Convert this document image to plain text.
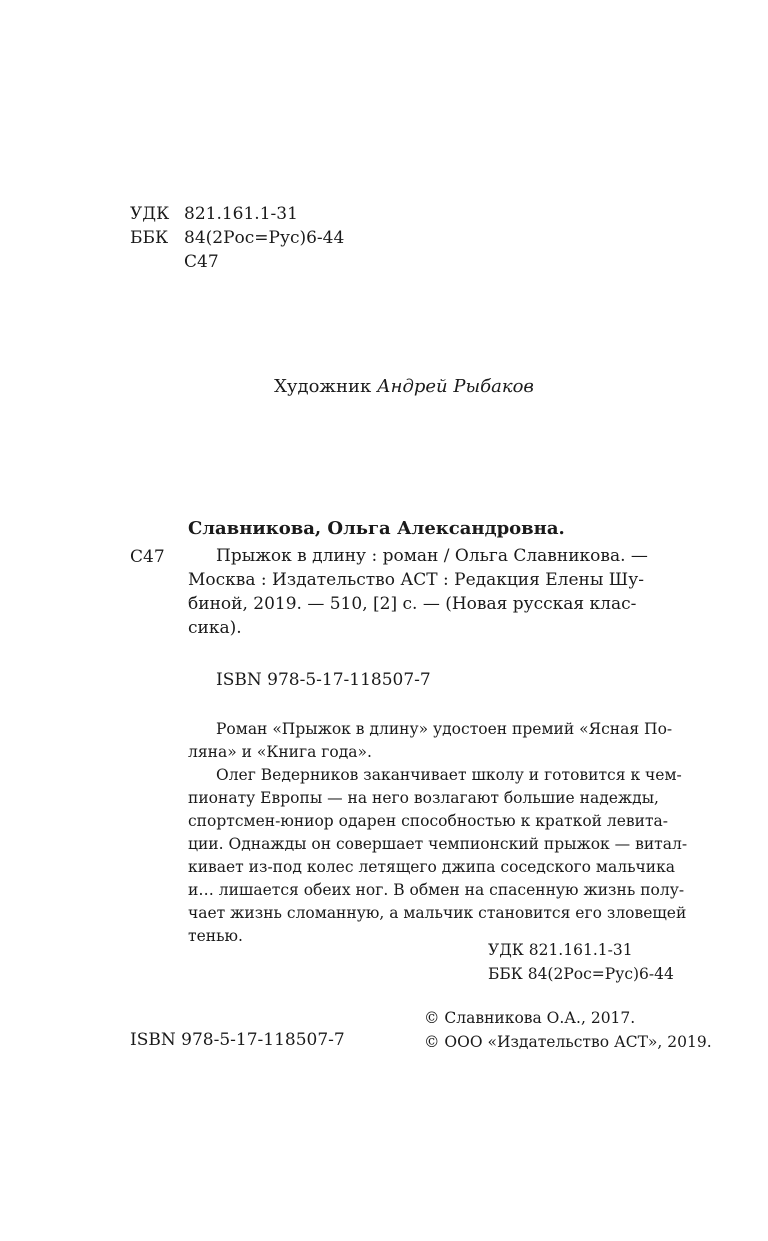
УДК 821.161.1-31
ББК 84(2Рос=Рус)6-44
С47
Художник Андрей Рыбаков
Славникова, Ольга Александровна.
С47	Прыжок в длину : роман / Ольга Славникова. —
Москва : Издательство АСТ : Редакция Елены Шу-
биной, 2019. — 510, [2] с. — (Новая русская клас-
сика).
ISBN 978-5-17-118507-7
Роман «Прыжок в длину» удостоен премий «Ясная По-
ляна» и «Книга года».
Олег Ведерников заканчивает школу и готовится к чем-
пионату Европы — на него возлагают большие надежды,
спортсмен-юниор одарен способностью к краткой левита-
ции. Однажды он совершает чемпионский прыжок — витал-
кивает из-под колес летящего джипа соседского мальчика
и… лишается обеих ног. В обмен на спасенную жизнь полу-
чает жизнь сломанную, а мальчик становится его зловещей
тенью.
УДК 821.161.1-31
ББК 84(2Рос=Рус)6-44
ISBN 978-5-17-118507-7
© Славникова О.А., 2017.
© ООО «Издательство АСТ», 2019.
